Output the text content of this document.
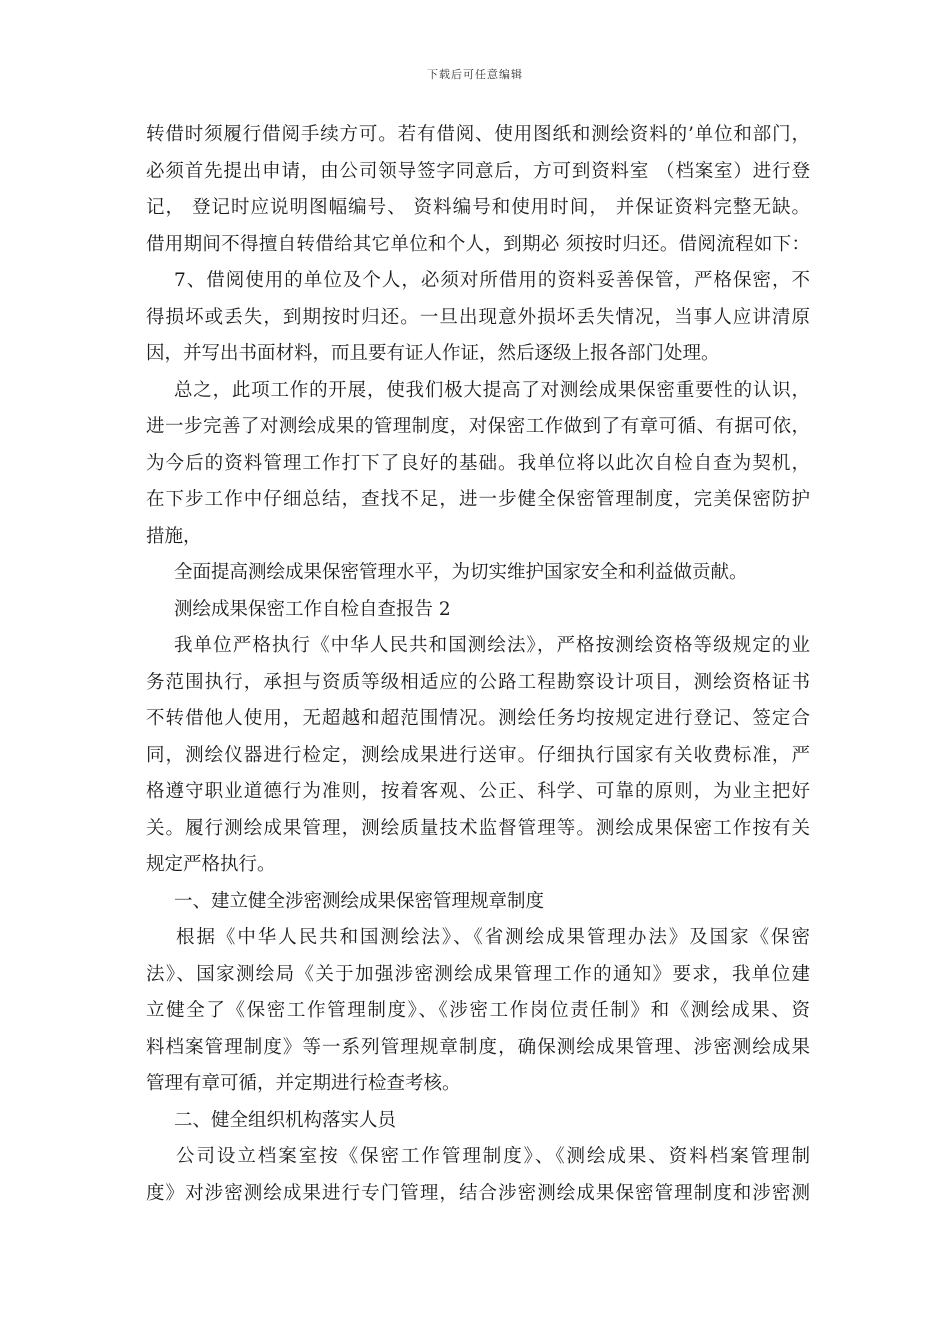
下载后可任意编辑
转借时须履行借阅手续方可。若有借阅、使用图纸和测绘资料的’单位和部门，
必须首先提出申请，由公司领导签字同意后，方可到资料室 （档案室）进行登
记， 登记时应说明图幅编号、 资料编号和使用时间， 并保证资料完整无缺。
借用期间不得擅自转借给其它单位和个人，到期必 须按时归还。借阅流程如下：
7、借阅使用的单位及个人，必须对所借用的资料妥善保管，严格保密，不
得损坏或丢失，到期按时归还。一旦出现意外损坏丢失情况，当事人应讲清原
因，并写出书面材料，而且要有证人作证，然后逐级上报各部门处理。
总之，此项工作的开展，使我们极大提高了对测绘成果保密重要性的认识，
进一步完善了对测绘成果的管理制度，对保密工作做到了有章可循、有据可依，
为今后的资料管理工作打下了良好的基础。我单位将以此次自检自查为契机，
在下步工作中仔细总结，查找不足，进一步健全保密管理制度，完美保密防护
措施，
全面提高测绘成果保密管理水平，为切实维护国家安全和利益做贡献。
测绘成果保密工作自检自查报告 2
我单位严格执行《中华人民共和国测绘法》，严格按测绘资格等级规定的业
务范围执行，承担与资质等级相适应的公路工程勘察设计项目，测绘资格证书
不转借他人使用，无超越和超范围情况。测绘任务均按规定进行登记、签定合
同，测绘仪器进行检定，测绘成果进行送审。仔细执行国家有关收费标准，严
格遵守职业道德行为准则，按着客观、公正、科学、可靠的原则，为业主把好
关。履行测绘成果管理，测绘质量技术监督管理等。测绘成果保密工作按有关
规定严格执行。
一、建立健全涉密测绘成果保密管理规章制度
根据《中华人民共和国测绘法》、《省测绘成果管理办法》及国家《保密
法》、国家测绘局《关于加强涉密测绘成果管理工作的通知》要求，我单位建
立健全了《保密工作管理制度》、《涉密工作岗位责任制》和《测绘成果、资
料档案管理制度》等一系列管理规章制度，确保测绘成果管理、涉密测绘成果
管理有章可循，并定期进行检查考核。
二、健全组织机构落实人员
公司设立档案室按《保密工作管理制度》、《测绘成果、资料档案管理制
度》对涉密测绘成果进行专门管理，结合涉密测绘成果保密管理制度和涉密测
